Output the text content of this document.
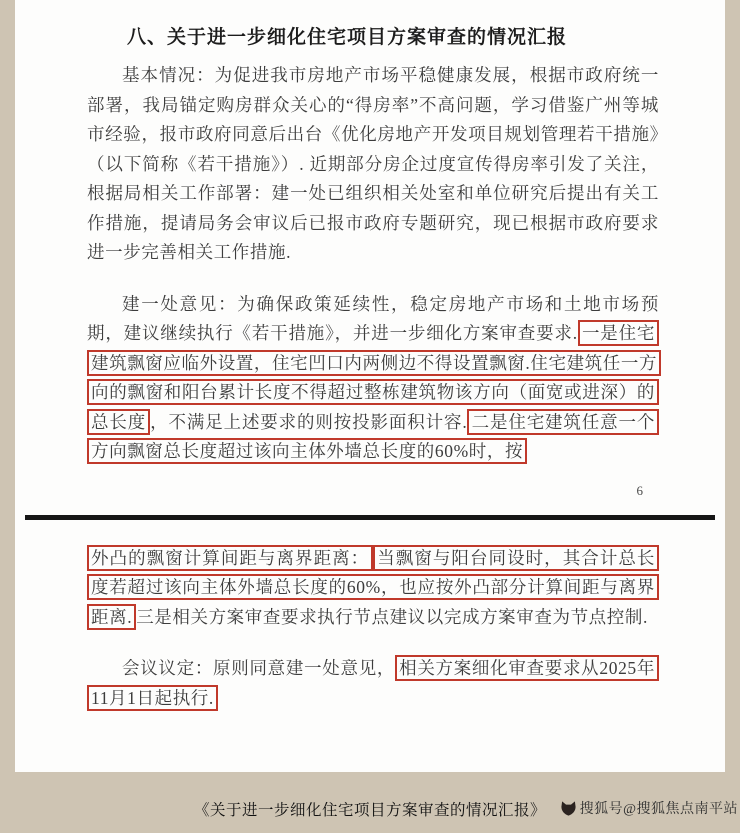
八、关于进一步细化住宅项目方案审查的情况汇报

基本情况：为促进我市房地产市场平稳健康发展，根据市政府统一部署，我局锚定购房群众关心的“得房率”不高问题，学习借鉴广州等城市经验，报市政府同意后出台《优化房地产开发项目规划管理若干措施》（以下简称《若干措施》）. 近期部分房企过度宣传得房率引发了关注，根据局相关工作部署：建一处已组织相关处室和单位研究后提出有关工作措施，提请局务会审议后已报市政府专题研究，现已根据市政府要求进一步完善相关工作措施.

建一处意见：为确保政策延续性，稳定房地产市场和土地市场预期，建议继续执行《若干措施》，并进一步细化方案审查要求. 一是住宅建筑飘窗应临外设置，住宅凹口内两侧边不得设置飘窗.住宅建筑任一方向的飘窗和阳台累计长度不得超过整栋建筑物该方向（面宽或进深）的总长度 ，不满足上述要求的则按投影面积计容. 二是住宅建筑任意一个方向飘窗总长度超过该向主体外墙总长度的60%时，按

6

外凸的飘窗计算间距与离界距离： 当飘窗与阳台同设时，其合计总长度若超过该向主体外墙总长度的60%，也应按外凸部分计算间距与离界距离. 三是相关方案审查要求执行节点建议以完成方案审查为节点控制.

会议议定：原则同意建一处意见， 相关方案细化审查要求从2025年11月1日起执行.

《关于进一步细化住宅项目方案审查的情况汇报》	搜狐号@搜狐焦点南平站
